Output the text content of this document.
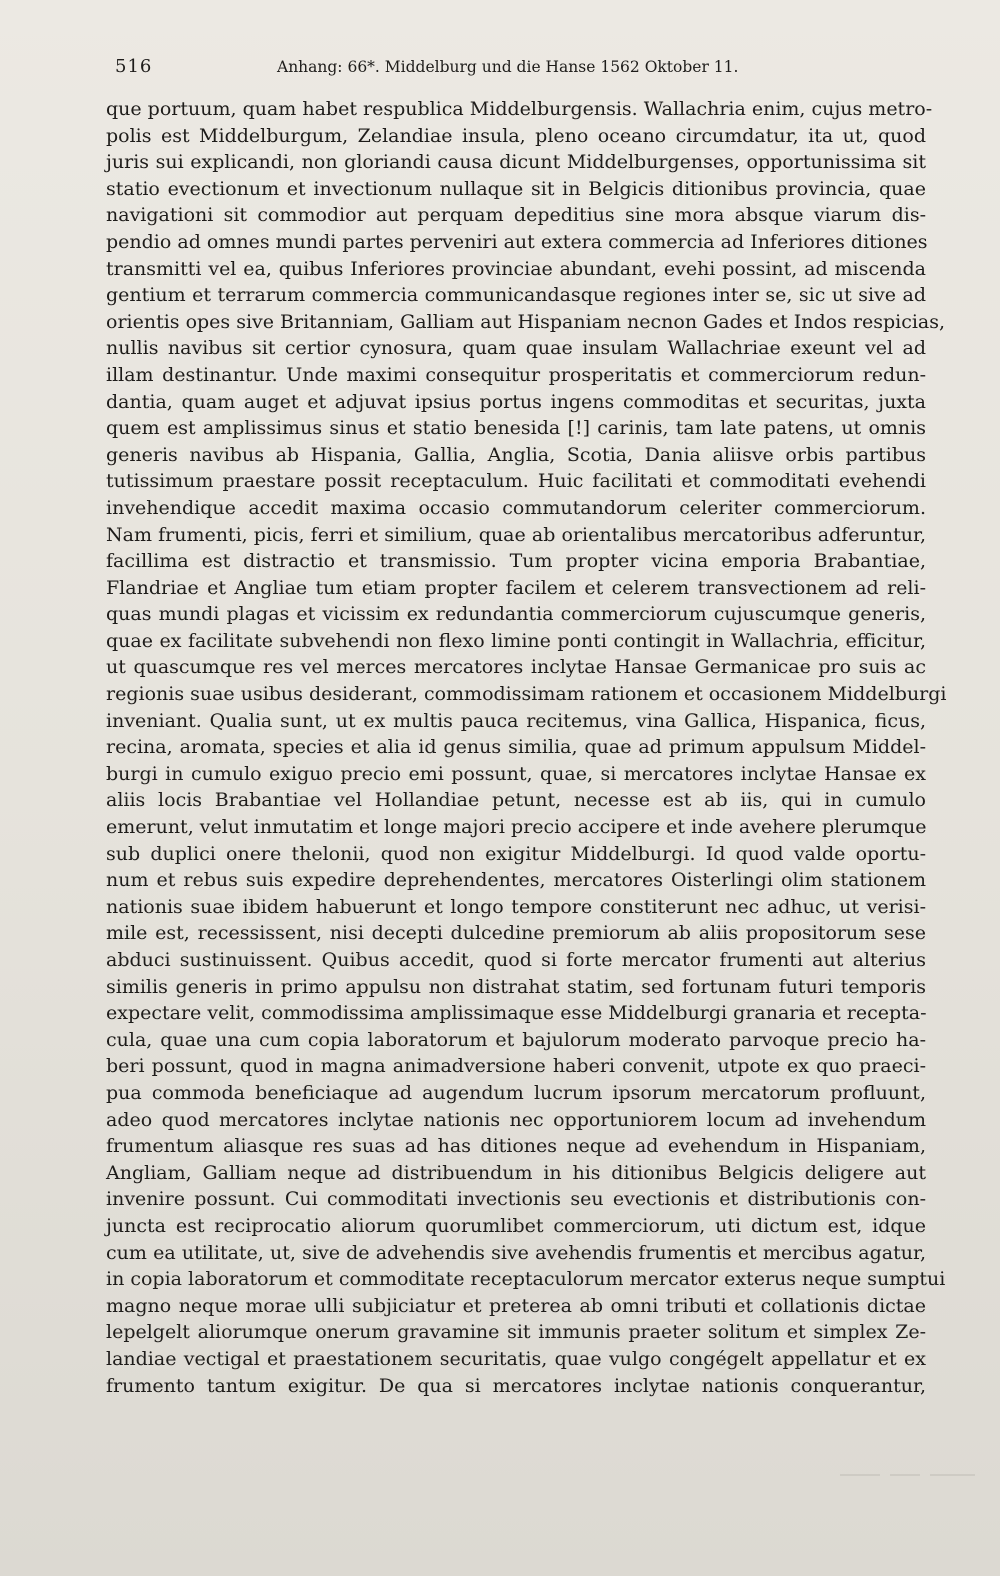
516	Anhang: 66*. Middelburg und die Hanse 1562 Oktober 11.
que portuum, quam habet respublica Middelburgensis. Wallachria enim, cujus metro-
polis est Middelburgum, Zelandiae insula, pleno oceano circumdatur, ita ut, quod
juris sui explicandi, non gloriandi causa dicunt Middelburgenses, opportunissima sit
statio evectionum et invectionum nullaque sit in Belgicis ditionibus provincia, quae
navigationi sit commodior aut perquam depeditius sine mora absque viarum dis-
pendio ad omnes mundi partes perveniri aut extera commercia ad Inferiores ditiones
transmitti vel ea, quibus Inferiores provinciae abundant, evehi possint, ad miscenda
gentium et terrarum commercia communicandasque regiones inter se, sic ut sive ad
orientis opes sive Britanniam, Galliam aut Hispaniam necnon Gades et Indos respicias,
nullis navibus sit certior cynosura, quam quae insulam Wallachriae exeunt vel ad
illam destinantur. Unde maximi consequitur prosperitatis et commerciorum redun-
dantia, quam auget et adjuvat ipsius portus ingens commoditas et securitas, juxta
quem est amplissimus sinus et statio benesida [!] carinis, tam late patens, ut omnis
generis navibus ab Hispania, Gallia, Anglia, Scotia, Dania aliisve orbis partibus
tutissimum praestare possit receptaculum. Huic facilitati et commoditati evehendi
invehendique accedit maxima occasio commutandorum celeriter commerciorum.
Nam frumenti, picis, ferri et similium, quae ab orientalibus mercatoribus adferuntur,
facillima est distractio et transmissio. Tum propter vicina emporia Brabantiae,
Flandriae et Angliae tum etiam propter facilem et celerem transvectionem ad reli-
quas mundi plagas et vicissim ex redundantia commerciorum cujuscumque generis,
quae ex facilitate subvehendi non flexo limine ponti contingit in Wallachria, efficitur,
ut quascumque res vel merces mercatores inclytae Hansae Germanicae pro suis ac
regionis suae usibus desiderant, commodissimam rationem et occasionem Middelburgi
inveniant. Qualia sunt, ut ex multis pauca recitemus, vina Gallica, Hispanica, ficus,
recina, aromata, species et alia id genus similia, quae ad primum appulsum Middel-
burgi in cumulo exiguo precio emi possunt, quae, si mercatores inclytae Hansae ex
aliis locis Brabantiae vel Hollandiae petunt, necesse est ab iis, qui in cumulo
emerunt, velut inmutatim et longe majori precio accipere et inde avehere plerumque
sub duplici onere thelonii, quod non exigitur Middelburgi. Id quod valde oportu-
num et rebus suis expedire deprehendentes, mercatores Oisterlingi olim stationem
nationis suae ibidem habuerunt et longo tempore constiterunt nec adhuc, ut verisi-
mile est, recessissent, nisi decepti dulcedine premiorum ab aliis propositorum sese
abduci sustinuissent. Quibus accedit, quod si forte mercator frumenti aut alterius
similis generis in primo appulsu non distrahat statim, sed fortunam futuri temporis
expectare velit, commodissima amplissimaque esse Middelburgi granaria et recepta-
cula, quae una cum copia laboratorum et bajulorum moderato parvoque precio ha-
beri possunt, quod in magna animadversione haberi convenit, utpote ex quo praeci-
pua commoda beneficiaque ad augendum lucrum ipsorum mercatorum profluunt,
adeo quod mercatores inclytae nationis nec opportuniorem locum ad invehendum
frumentum aliasque res suas ad has ditiones neque ad evehendum in Hispaniam,
Angliam, Galliam neque ad distribuendum in his ditionibus Belgicis deligere aut
invenire possunt. Cui commoditati invectionis seu evectionis et distributionis con-
juncta est reciprocatio aliorum quorumlibet commerciorum, uti dictum est, idque
cum ea utilitate, ut, sive de advehendis sive avehendis frumentis et mercibus agatur,
in copia laboratorum et commoditate receptaculorum mercator exterus neque sumptui
magno neque morae ulli subjiciatur et preterea ab omni tributi et collationis dictae
lepelgelt aliorumque onerum gravamine sit immunis praeter solitum et simplex Ze-
landiae vectigal et praestationem securitatis, quae vulgo congégelt appellatur et ex
frumento tantum exigitur. De qua si mercatores inclytae nationis conquerantur,
